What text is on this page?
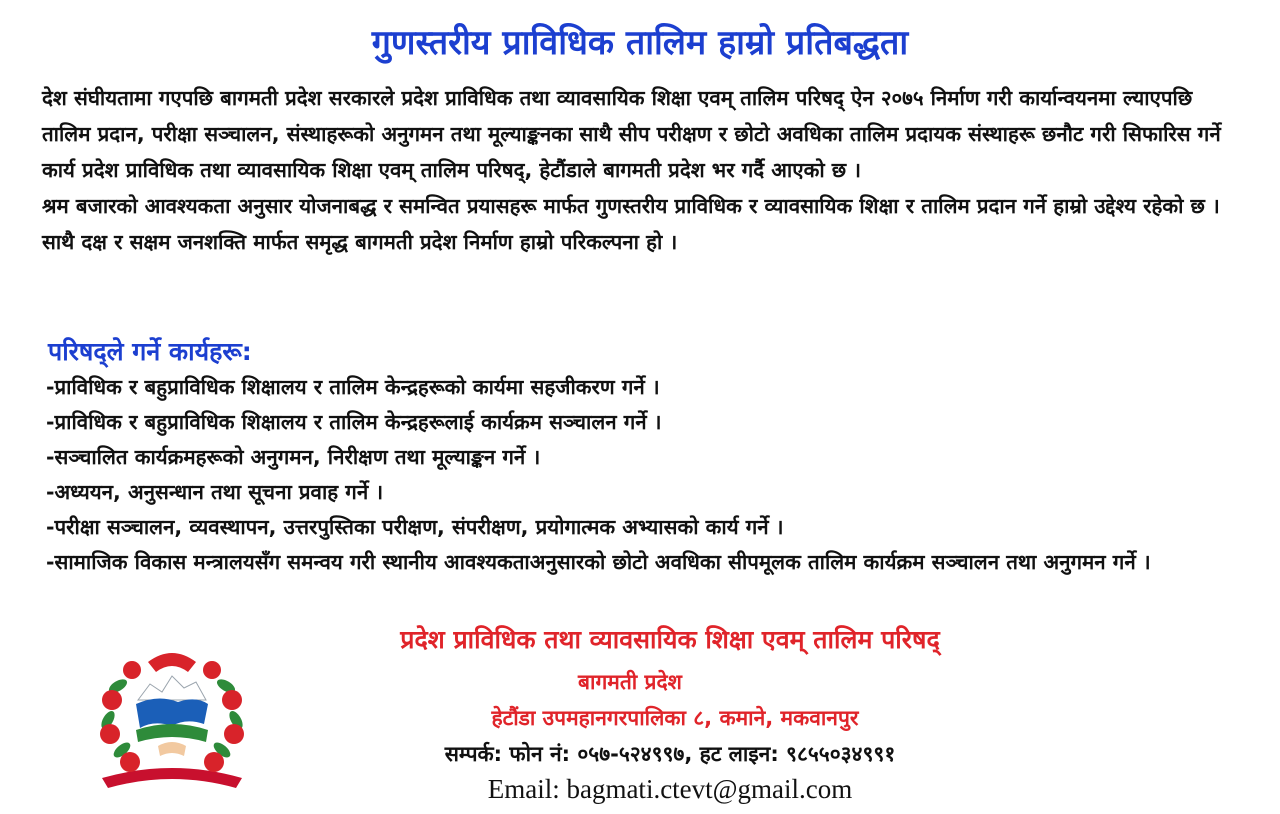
गुणस्तरीय प्राविधिक तालिम हाम्रो प्रतिबद्धता

देश संघीयतामा गएपछि बागमती प्रदेश सरकारले प्रदेश प्राविधिक तथा व्यावसायिक शिक्षा एवम् तालिम परिषद् ऐन २०७५ निर्माण गरी कार्यान्वयनमा ल्याएपछि तालिम प्रदान, परीक्षा सञ्चालन, संस्थाहरूको अनुगमन तथा मूल्याङ्कनका साथै सीप परीक्षण र छोटो अवधिका तालिम प्रदायक संस्थाहरू छनौट गरी सिफारिस गर्ने कार्य प्रदेश प्राविधिक तथा व्यावसायिक शिक्षा एवम् तालिम परिषद्, हेटौंडाले बागमती प्रदेश भर गर्दै आएको छ ।

श्रम बजारको आवश्यकता अनुसार योजनाबद्ध र समन्वित प्रयासहरू मार्फत गुणस्तरीय प्राविधिक र व्यावसायिक शिक्षा र तालिम प्रदान गर्ने हाम्रो उद्देश्य रहेको छ ।

साथै दक्ष र सक्षम जनशक्ति मार्फत समृद्ध बागमती प्रदेश निर्माण हाम्रो परिकल्पना हो ।

परिषद्ले गर्ने कार्यहरू:
-प्राविधिक र बहुप्राविधिक शिक्षालय र तालिम केन्द्रहरूको कार्यमा सहजीकरण गर्ने ।
-प्राविधिक र बहुप्राविधिक शिक्षालय र तालिम केन्द्रहरूलाई कार्यक्रम सञ्चालन गर्ने ।
-सञ्चालित कार्यक्रमहरूको अनुगमन, निरीक्षण तथा मूल्याङ्कन गर्ने ।
-अध्ययन, अनुसन्धान तथा सूचना प्रवाह गर्ने ।
-परीक्षा सञ्चालन, व्यवस्थापन, उत्तरपुस्तिका परीक्षण, संपरीक्षण, प्रयोगात्मक अभ्यासको कार्य गर्ने ।
-सामाजिक विकास मन्त्रालयसँग समन्वय गरी स्थानीय आवश्यकताअनुसारको छोटो अवधिका सीपमूलक तालिम कार्यक्रम सञ्चालन तथा अनुगमन गर्ने ।
प्रदेश प्राविधिक तथा व्यावसायिक शिक्षा एवम् तालिम परिषद्
बागमती प्रदेश
हेटौंडा उपमहानगरपालिका ८, कमाने, मकवानपुर
सम्पर्क: फोन नं: ०५७-५२४९९७, हट लाइन: ९८५५०३४९९१
Email: bagmati.ctevt@gmail.com
